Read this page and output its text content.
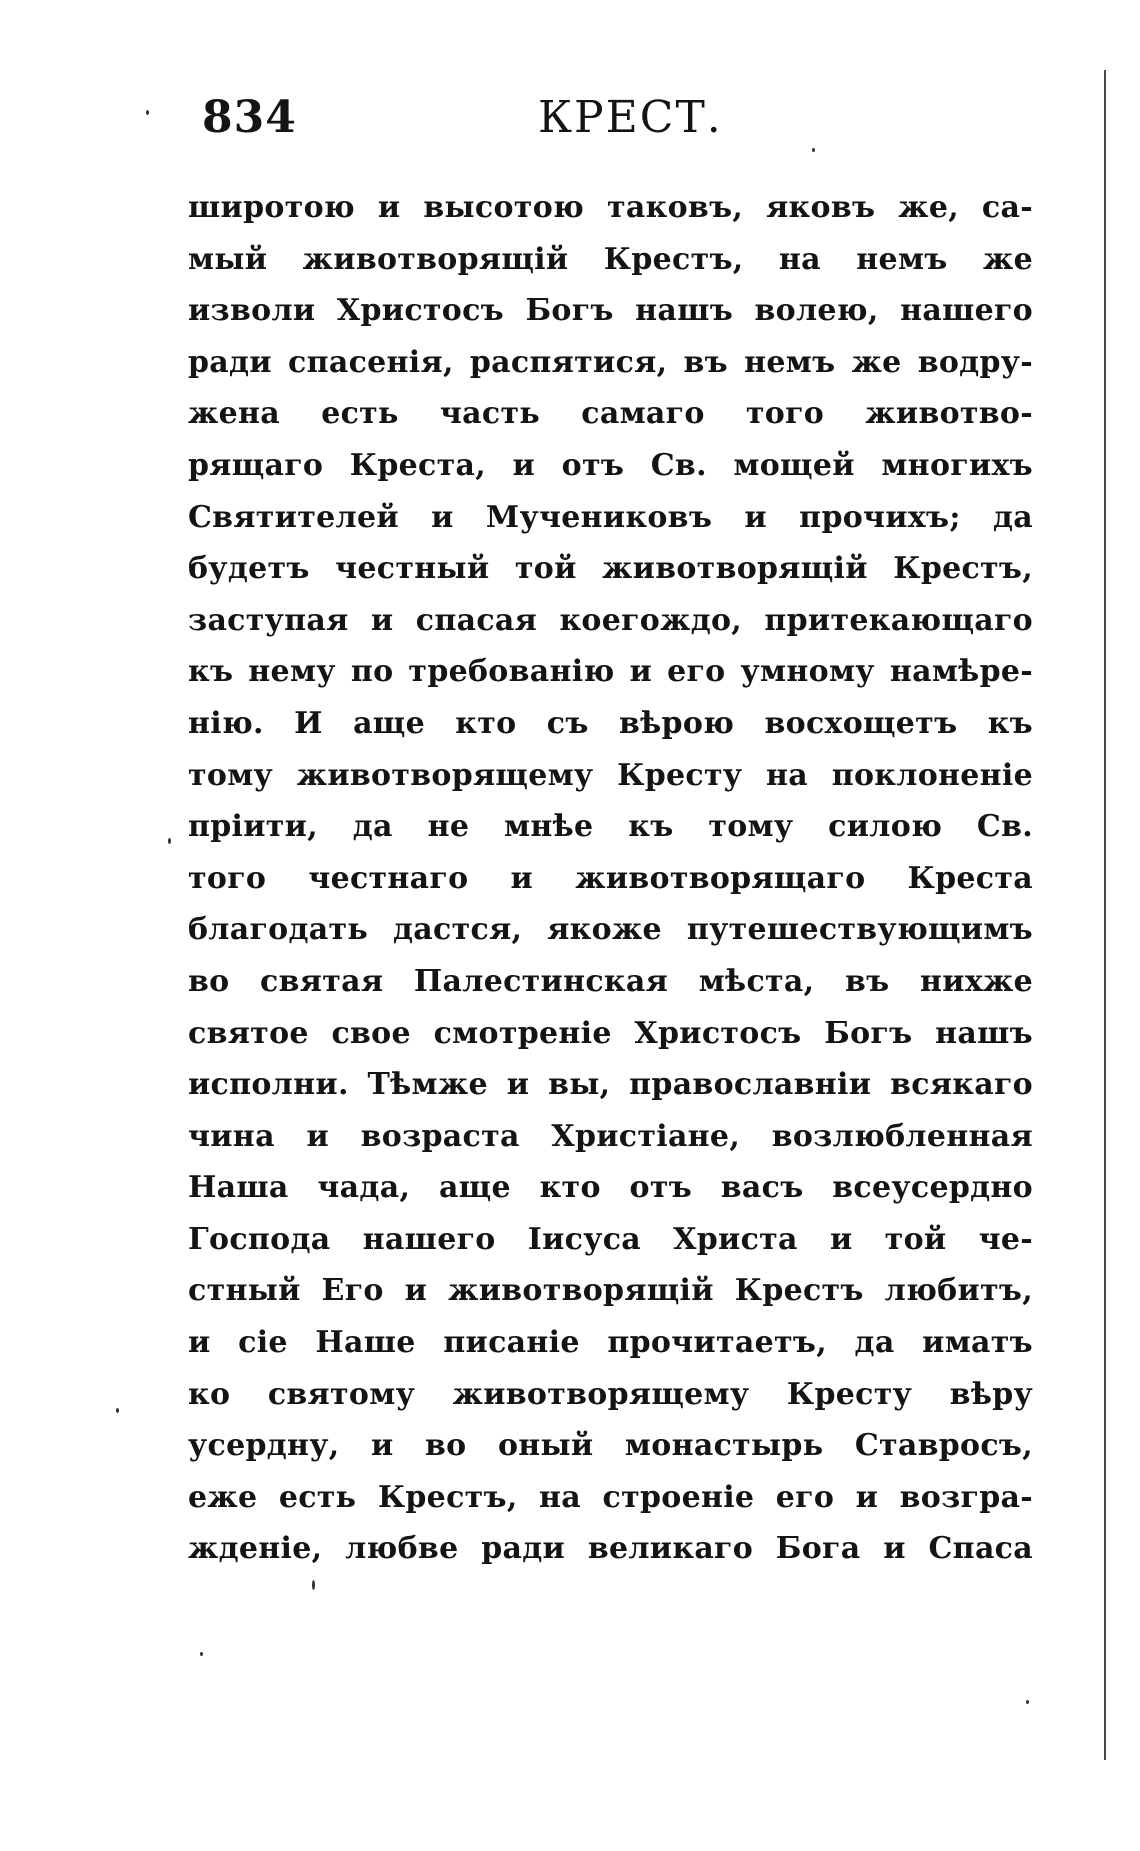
834	КРЕСТ.
широтою и высотою таковъ, яковъ же, са-
мый животворящій Крестъ, на немъ же
изволи Христосъ Богъ нашъ волею, нашего
ради спасенія, распятися, въ немъ же водру-
жена есть часть самаго того животво-
рящаго Креста, и отъ Св. мощей многихъ
Святителей и Мучениковъ и прочихъ; да
будетъ честный той животворящій Крестъ,
заступая и спасая коегождо, притекающаго
къ нему по требованію и его умному намѣре-
нію. И аще кто съ вѣрою восхощетъ къ
тому животворящему Кресту на поклоненіе
пріити, да не мнѣе къ тому силою Св.
того честнаго и животворящаго Креста
благодать дастся, якоже путешествующимъ
во святая Палестинская мѣста, въ нихже
святое свое смотреніе Христосъ Богъ нашъ
исполни. Тѣмже и вы, православніи всякаго
чина и возраста Христіане, возлюбленная
Наша чада, аще кто отъ васъ всеусердно
Господа нашего Іисуса Христа и той че-
стный Его и животворящій Крестъ любитъ,
и сіе Наше писаніе прочитаетъ, да иматъ
ко святому животворящему Кресту вѣру
усердну, и во оный монастырь Ставросъ,
еже есть Крестъ, на строеніе его и возгра-
жденіе, любве ради великаго Бога и Спаса
